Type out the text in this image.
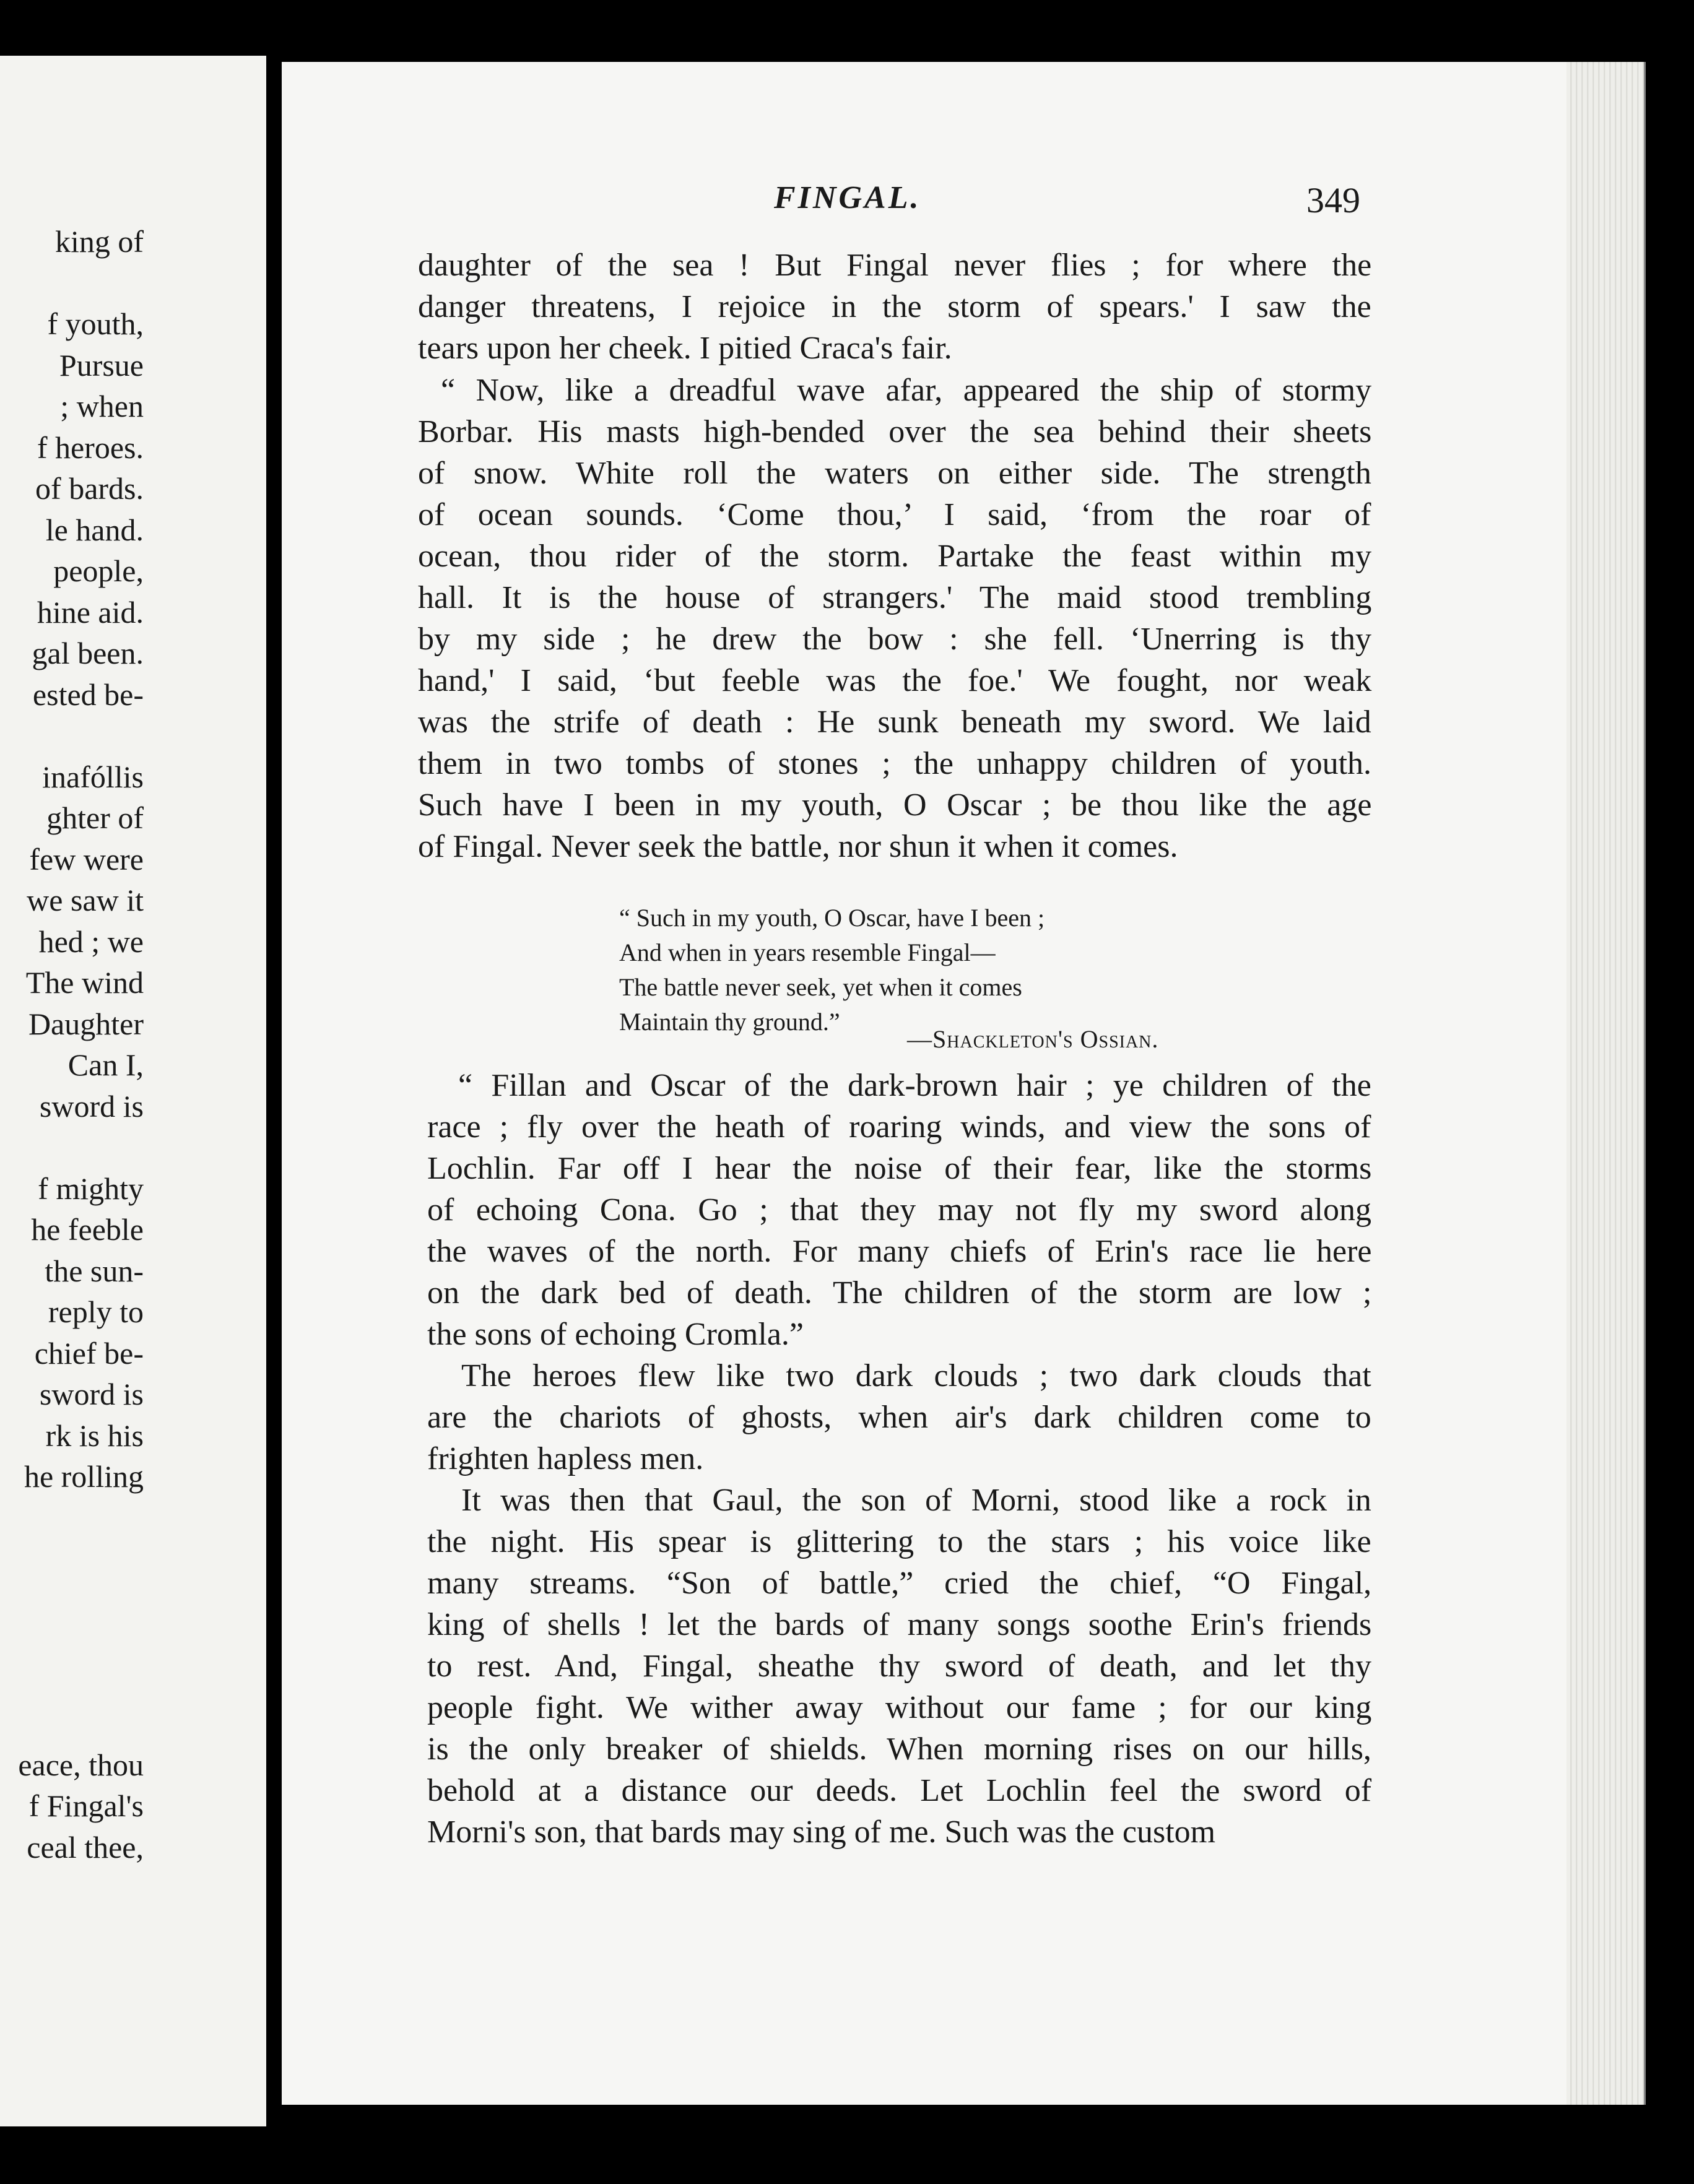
king of
f youth,
Pursue
; when
f heroes.
of bards.
le hand.
people,
hine aid.
gal been.
ested be-
inafóllis
ghter of
few were
we saw it
hed ; we
The wind
Daughter
Can I,
sword is
f mighty
he feeble
the sun-
reply to
chief be-
sword is
rk is his
he rolling
eace, thou
f Fingal's
ceal thee,
FINGAL.	349
daughter of the sea ! But Fingal never flies ; for where the
danger threatens, I rejoice in the storm of spears.' I saw the
tears upon her cheek. I pitied Craca's fair.
“ Now, like a dreadful wave afar, appeared the ship of stormy
Borbar. His masts high-bended over the sea behind their sheets
of snow. White roll the waters on either side. The strength
of ocean sounds. ‘Come thou,’ I said, ‘from the roar of
ocean, thou rider of the storm. Partake the feast within my
hall. It is the house of strangers.' The maid stood trembling
by my side ; he drew the bow : she fell. ‘Unerring is thy
hand,' I said, ‘but feeble was the foe.' We fought, nor weak
was the strife of death : He sunk beneath my sword. We laid
them in two tombs of stones ; the unhappy children of youth.
Such have I been in my youth, O Oscar ; be thou like the age
of Fingal. Never seek the battle, nor shun it when it comes.
“ Fillan and Oscar of the dark-brown hair ; ye children of the
race ; fly over the heath of roaring winds, and view the sons of
Lochlin. Far off I hear the noise of their fear, like the storms
of echoing Cona. Go ; that they may not fly my sword along
the waves of the north. For many chiefs of Erin's race lie here
on the dark bed of death. The children of the storm are low ;
the sons of echoing Cromla.”
The heroes flew like two dark clouds ; two dark clouds that
are the chariots of ghosts, when air's dark children come to
frighten hapless men.
It was then that Gaul, the son of Morni, stood like a rock in
the night. His spear is glittering to the stars ; his voice like
many streams. “Son of battle,” cried the chief, “O Fingal,
king of shells ! let the bards of many songs soothe Erin's friends
to rest. And, Fingal, sheathe thy sword of death, and let thy
people fight. We wither away without our fame ; for our king
is the only breaker of shields. When morning rises on our hills,
behold at a distance our deeds. Let Lochlin feel the sword of
Morni's son, that bards may sing of me. Such was the custom
“ Such in my youth, O Oscar, have I been ;
And when in years resemble Fingal—
The battle never seek, yet when it comes
Maintain thy ground.”
—Shackleton's Ossian.
